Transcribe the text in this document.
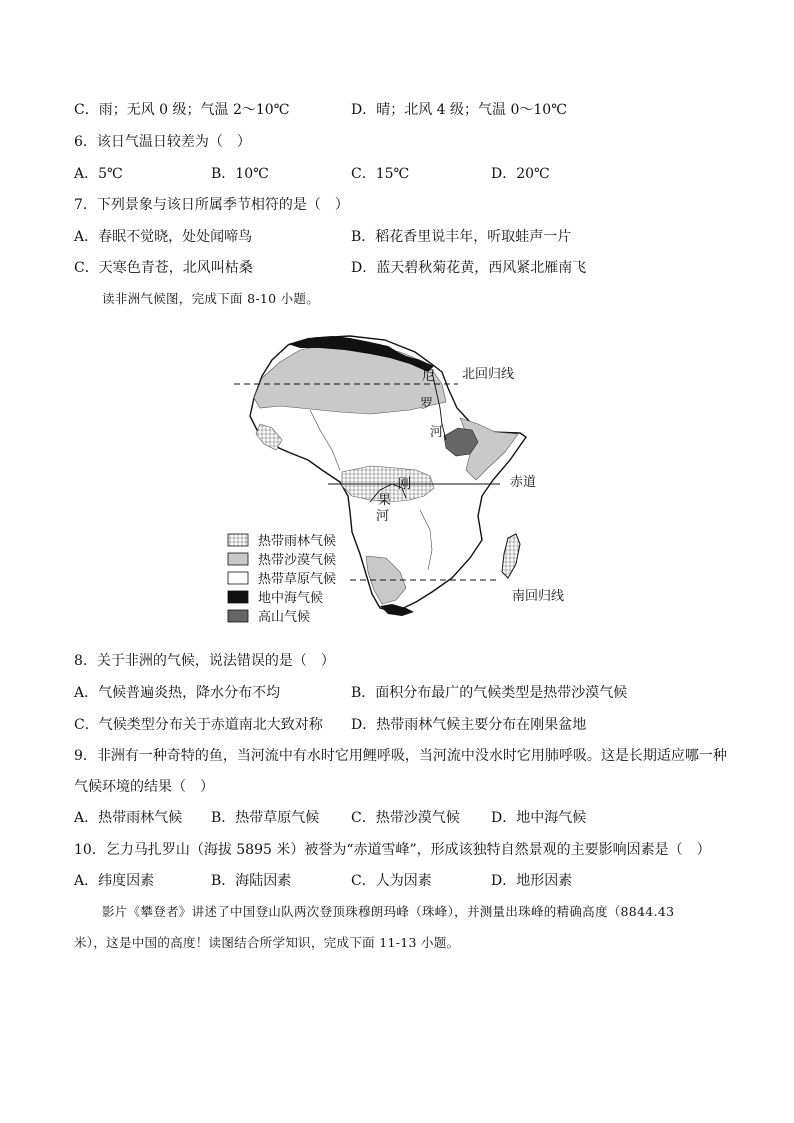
C．雨；无风 0 级；气温 2～10℃	D．晴；北风 4 级；气温 0～10℃
6．该日气温日较差为（　）
A．5℃	B．10℃	C．15℃	D．20℃
7．下列景象与该日所属季节相符的是（　）
A．春眠不觉晓，处处闻啼鸟	B．稻花香里说丰年，听取蛙声一片
C．天寒色青苍，北风叫枯桑	D．蓝天碧秋菊花黄，西风紧北雁南飞
读非洲气候图，完成下面 8-10 小题。
北回归线
赤道
南回归线
尼
罗
河
刚
果
河
热带雨林气候
热带沙漠气候
热带草原气候
地中海气候
高山气候
8．关于非洲的气候，说法错误的是（　）
A．气候普遍炎热，降水分布不均	B．面积分布最广的气候类型是热带沙漠气候
C．气候类型分布关于赤道南北大致对称 D．热带雨林气候主要分布在刚果盆地
9．非洲有一种奇特的鱼，当河流中有水时它用鲤呼吸，当河流中没水时它用肺呼吸。这是长期适应哪一种
气候环境的结果（　）
A．热带雨林气候 B．热带草原气候 C．热带沙漠气候 D．地中海气候
10．乞力马扎罗山（海拔 5895 米）被誉为“赤道雪峰”，形成该独特自然景观的主要影响因素是（　）
A．纬度因素	B．海陆因素	C．人为因素	D．地形因素
影片《攀登者》讲述了中国登山队两次登顶珠穆朗玛峰（珠峰），并测量出珠峰的精确高度（8844.43
米），这是中国的高度！读图结合所学知识，完成下面 11-13 小题。
